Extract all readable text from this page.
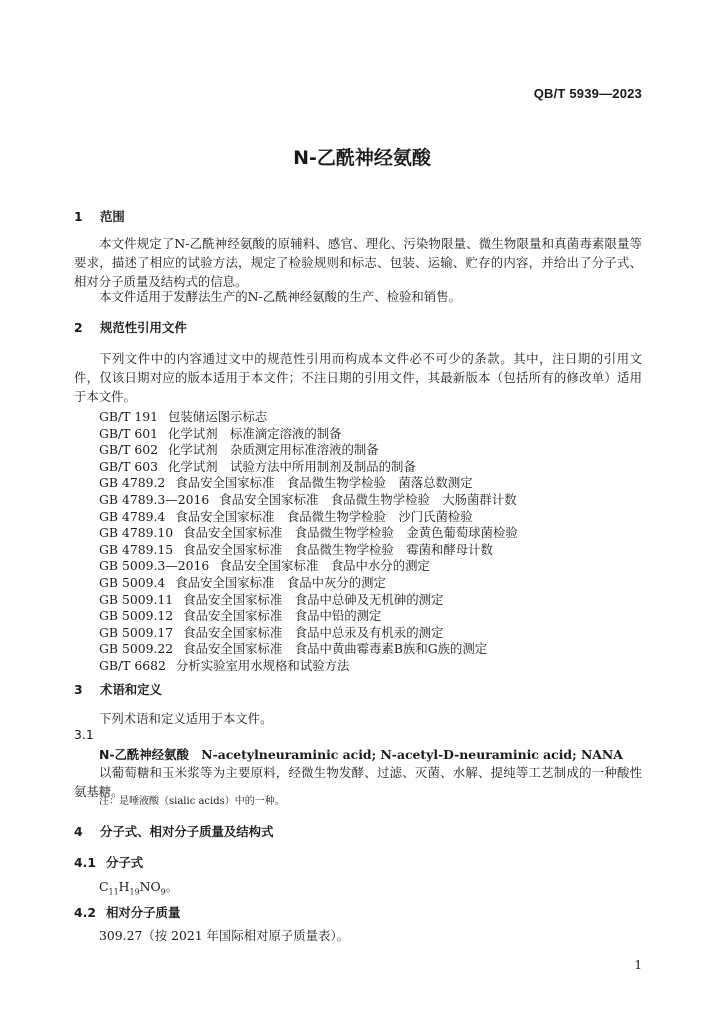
QB/T 5939—2023
N-乙酰神经氨酸
1 范围

本文件规定了N-乙酰神经氨酸的原辅料、感官、理化、污染物限量、微生物限量和真菌毒素限量等要求，描述了相应的试验方法，规定了检验规则和标志、包装、运输、贮存的内容，并给出了分子式、相对分子质量及结构式的信息。

本文件适用于发酵法生产的N-乙酰神经氨酸的生产、检验和销售。

2 规范性引用文件

下列文件中的内容通过文中的规范性引用而构成本文件必不可少的条款。其中，注日期的引用文件，仅该日期对应的版本适用于本文件；不注日期的引用文件，其最新版本（包括所有的修改单）适用于本文件。

GB/T 191 包装储运图示标志
GB/T 601 化学试剂　标准滴定溶液的制备
GB/T 602 化学试剂　杂质测定用标准溶液的制备
GB/T 603 化学试剂　试验方法中所用制剂及制品的制备
GB 4789.2 食品安全国家标准　食品微生物学检验　菌落总数测定
GB 4789.3—2016 食品安全国家标准　食品微生物学检验　大肠菌群计数
GB 4789.4 食品安全国家标准　食品微生物学检验　沙门氏菌检验
GB 4789.10 食品安全国家标准　食品微生物学检验　金黄色葡萄球菌检验
GB 4789.15 食品安全国家标准　食品微生物学检验　霉菌和酵母计数
GB 5009.3—2016 食品安全国家标准　食品中水分的测定
GB 5009.4 食品安全国家标准　食品中灰分的测定
GB 5009.11 食品安全国家标准　食品中总砷及无机砷的测定
GB 5009.12 食品安全国家标准　食品中铅的测定
GB 5009.17 食品安全国家标准　食品中总汞及有机汞的测定
GB 5009.22 食品安全国家标准　食品中黄曲霉毒素B族和G族的测定
GB/T 6682 分析实验室用水规格和试验方法
3 术语和定义

下列术语和定义适用于本文件。

3.1
N-乙酰神经氨酸　 N-acetylneuraminic acid; N-acetyl-D-neuraminic acid; NANA

以葡萄糖和玉米浆等为主要原料，经微生物发酵、过滤、灭菌、水解、提纯等工艺制成的一种酸性氨基糖。

注：是唾液酸（sialic acids）中的一种。
4 分子式、相对分子质量及结构式
4.1 分子式
$C_{11}H_{19}NO_9$。
4.2 相对分子质量
309.27（按 2021 年国际相对原子质量表）。
1
